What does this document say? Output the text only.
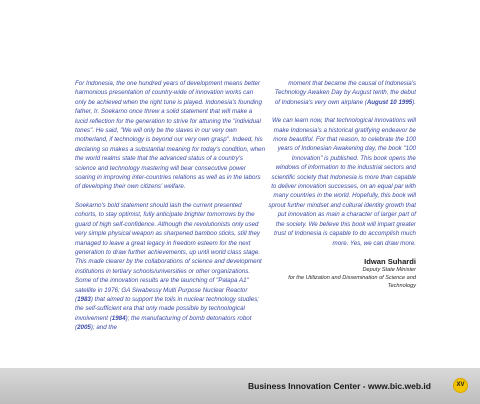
For Indonesia, the one hundred years of development means better harmonious presentation of country-wide of innovation works can only be achieved when the right tune is played. Indonesia's founding father, Ir. Soekarno once threw a solid statement that will make a lucid reflection for the generation to strive for attuning the "individual tones". He said, "We will only be the slaves in our very own motherland, if technology is beyond our very own grasp". Indeed, his declaring so makes a substantial meaning for today's condition, when the world realms state that the advanced status of a country's science and technology mastering will bear consecutive power soaring in improving inter-countries relations as well as in the labors of developing their own citizens' welfare.

Soekarno's bold statement should lash the current presented cohorts, to stay optimist, fully anticipate brighter tomorrows by the guard of high self-confidence. Although the revolutionists only used very simple physical weapon as sharpened bamboo sticks, still they managed to leave a great legacy in freedom esteem for the next generation to draw further achievements, up until world class stage. This made clearer by the collaborations of science and development institutions in tertiary schools/universities or other organizations. Some of the innovation results are the launching of "Palapa A1" satellite in 1976; GA Siwabessy Multi Purpose Nuclear Reactor (1983) that aimed to support the toils in nuclear technology studies; the self-sufficient era that only made possible by technological involvement (1984); the manufacturing of bomb detonators robot (2005); and the

moment that became the causal of Indonesia's Technology Awaken Day by August tenth, the debut of Indonesia's very own airplane (August 10 1995).

We can learn now, that technological innovations will make Indonesia's a historical gratifying endeavor be more beautiful. For that reason, to celebrate the 100 years of Indonesian Awakening day, the book "100 Innovation" is published. This book opens the windows of information to the industrial sectors and scientific society that Indonesia is more than capable to deliver innovation successes, on an equal par with many countries in the world. Hopefully, this book will sprout further mindset and cultural identity growth that put innovation as main a character of larger part of the society. We believe this book will impart greater trust of Indonesia is capable to do accomplish much more. Yes, we can draw more.

Idwan Suhardi
Deputy State Minister
for the Utilization and Dissemination of Science and Technology
Business Innovation Center - www.bic.web.id	XV
